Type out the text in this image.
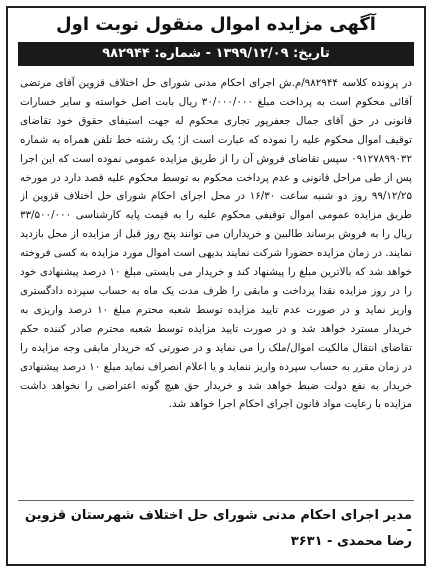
آگهی مزایده اموال منقول نوبت اول
تاریخ: ۱۳۹۹/۱۲/۰۹ - شماره: ۹۸۲۹۴۴
در پرونده کلاسه ۹۸۲۹۴۴/م.ش اجرای احکام مدنی شورای حل اختلاف قزوین آقای مرتضی آقائی محکوم است به پرداخت مبلغ ۳۰/۰۰۰/۰۰۰ ریال بابت اصل خواسته و سایر خسارات قانونی در حق آقای جمال جعفرپور تجاری محکوم له جهت استیفای حقوق خود تقاضای توقیف اموال محکوم علیه را نموده که عبارت است از؛ یک رشته خط تلفن همراه به شماره ۰۹۱۲۷۸۹۹۰۳۲ سپس تقاضای فروش آن را از طریق مزایده عمومی نموده است که این اجرا پس از طی مراحل قانونی و عدم پرداخت محکوم به توسط محکوم علیه قصد دارد در مورخه ۹۹/۱۲/۲۵ روز دو شنبه ساعت ۱۶/۳۰ در محل اجرای احکام شورای حل اختلاف قزوین از طریق مزایده عمومی اموال توقیفی محکوم علیه را به قیمت پایه کارشناسی ۳۳/۵۰۰/۰۰۰ ریال را به فروش برساند طالبین و خریداران می توانند پنج روز قبل از مزایده از محل بازدید نمایند. در زمان مزایده حضورا شرکت نمایند بدیهی است اموال مورد مزایده به کسی فروخته خواهد شد که بالاترین مبلغ را پیشنهاد کند و خریدار می بایستی مبلغ ۱۰ درصد پیشنهادی خود را در روز مزایده نقدا پرداخت و مابقی را ظرف مدت یک ماه به حساب سپرده دادگستری واریز نماید و در صورت عدم تایید مزایده توسط شعبه محترم مبلغ ۱۰ درصد واریزی به خریدار مسترد خواهد شد و در صورت تایید مزایده توسط شعبه محترم صادر کننده حکم تقاضای انتقال مالکیت اموال/ملک را می نماید و در صورتی که خریدار مابقی وجه مزایده را در زمان مقرر به حساب سپرده واریز ننماید و یا اعلام انصراف نماید مبلغ ۱۰ درصد پیشنهادی خریدار به نفع دولت ضبط خواهد شد و خریدار حق هیچ گونه اعتراضی را نخواهد داشت مزایده با رعایت مواد قانون اجرای احکام اجرا خواهد شد.
مدیر اجرای احکام مدنی شورای حل اختلاف شهرستان قزوین -
رضا محمدی - ۳۶۳۱
